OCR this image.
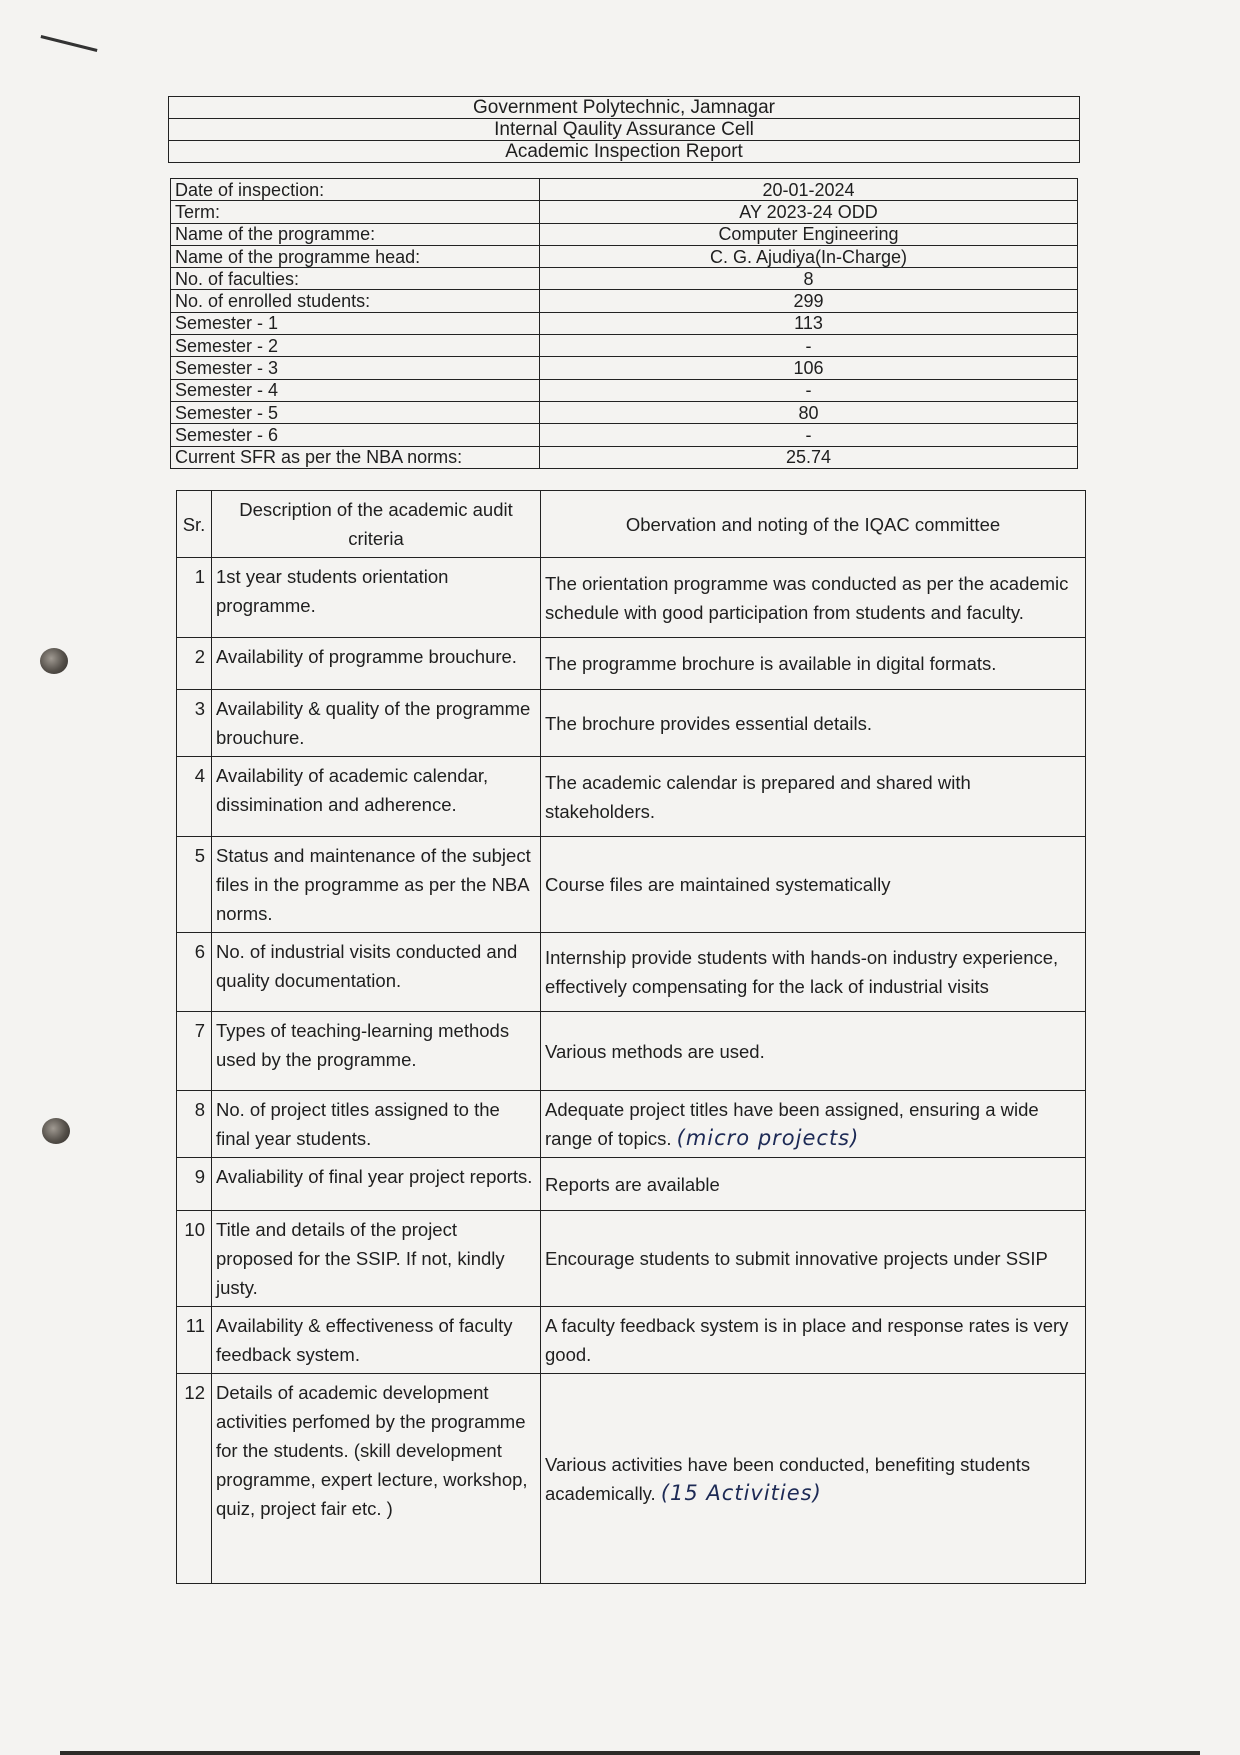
Government Polytechnic, Jamnagar
Internal Qaulity Assurance Cell
Academic Inspection Report
Date of inspection:	20-01-2024
Term:	AY 2023-24 ODD
Name of the programme:	Computer Engineering
Name of the programme head:	C. G. Ajudiya(In-Charge)
No. of faculties:	8
No. of enrolled students:	299
Semester - 1	113
Semester - 2	-
Semester - 3	106
Semester - 4	-
Semester - 5	80
Semester - 6	-
Current SFR as per the NBA norms:	25.74
Sr.	Description of the academic audit criteria	Obervation and noting of the IQAC committee
1	1st year students orientation programme.	The orientation programme was conducted as per the academic schedule with good participation from students and faculty.
2	Availability of programme brouchure.	The programme brochure is available in digital formats.
3	Availability & quality of the programme brouchure.	The brochure provides essential details.
4	Availability of academic calendar, dissimination and adherence.	The academic calendar is prepared and shared with stakeholders.
5	Status and maintenance of the subject files in the programme as per the NBA norms.	Course files are maintained systematically
6	No. of industrial visits conducted and quality documentation.	Internship provide students with hands-on industry experience, effectively compensating for the lack of industrial visits
7	Types of teaching-learning methods used by the programme.	Various methods are used.
8	No. of project titles assigned to the final year students.	Adequate project titles have been assigned, ensuring a wide range of topics. (micro projects)
9	Avaliability of final year project reports.	Reports are available
10	Title and details of the project proposed for the SSIP. If not, kindly justy.	Encourage students to submit innovative projects under SSIP
11	Availability & effectiveness of faculty feedback system.	A faculty feedback system is in place and response rates is very good.
12	Details of academic development activities perfomed by the programme for the students. (skill development programme, expert lecture, workshop, quiz, project fair etc. )	Various activities have been conducted, benefiting students academically. (15 Activities)
